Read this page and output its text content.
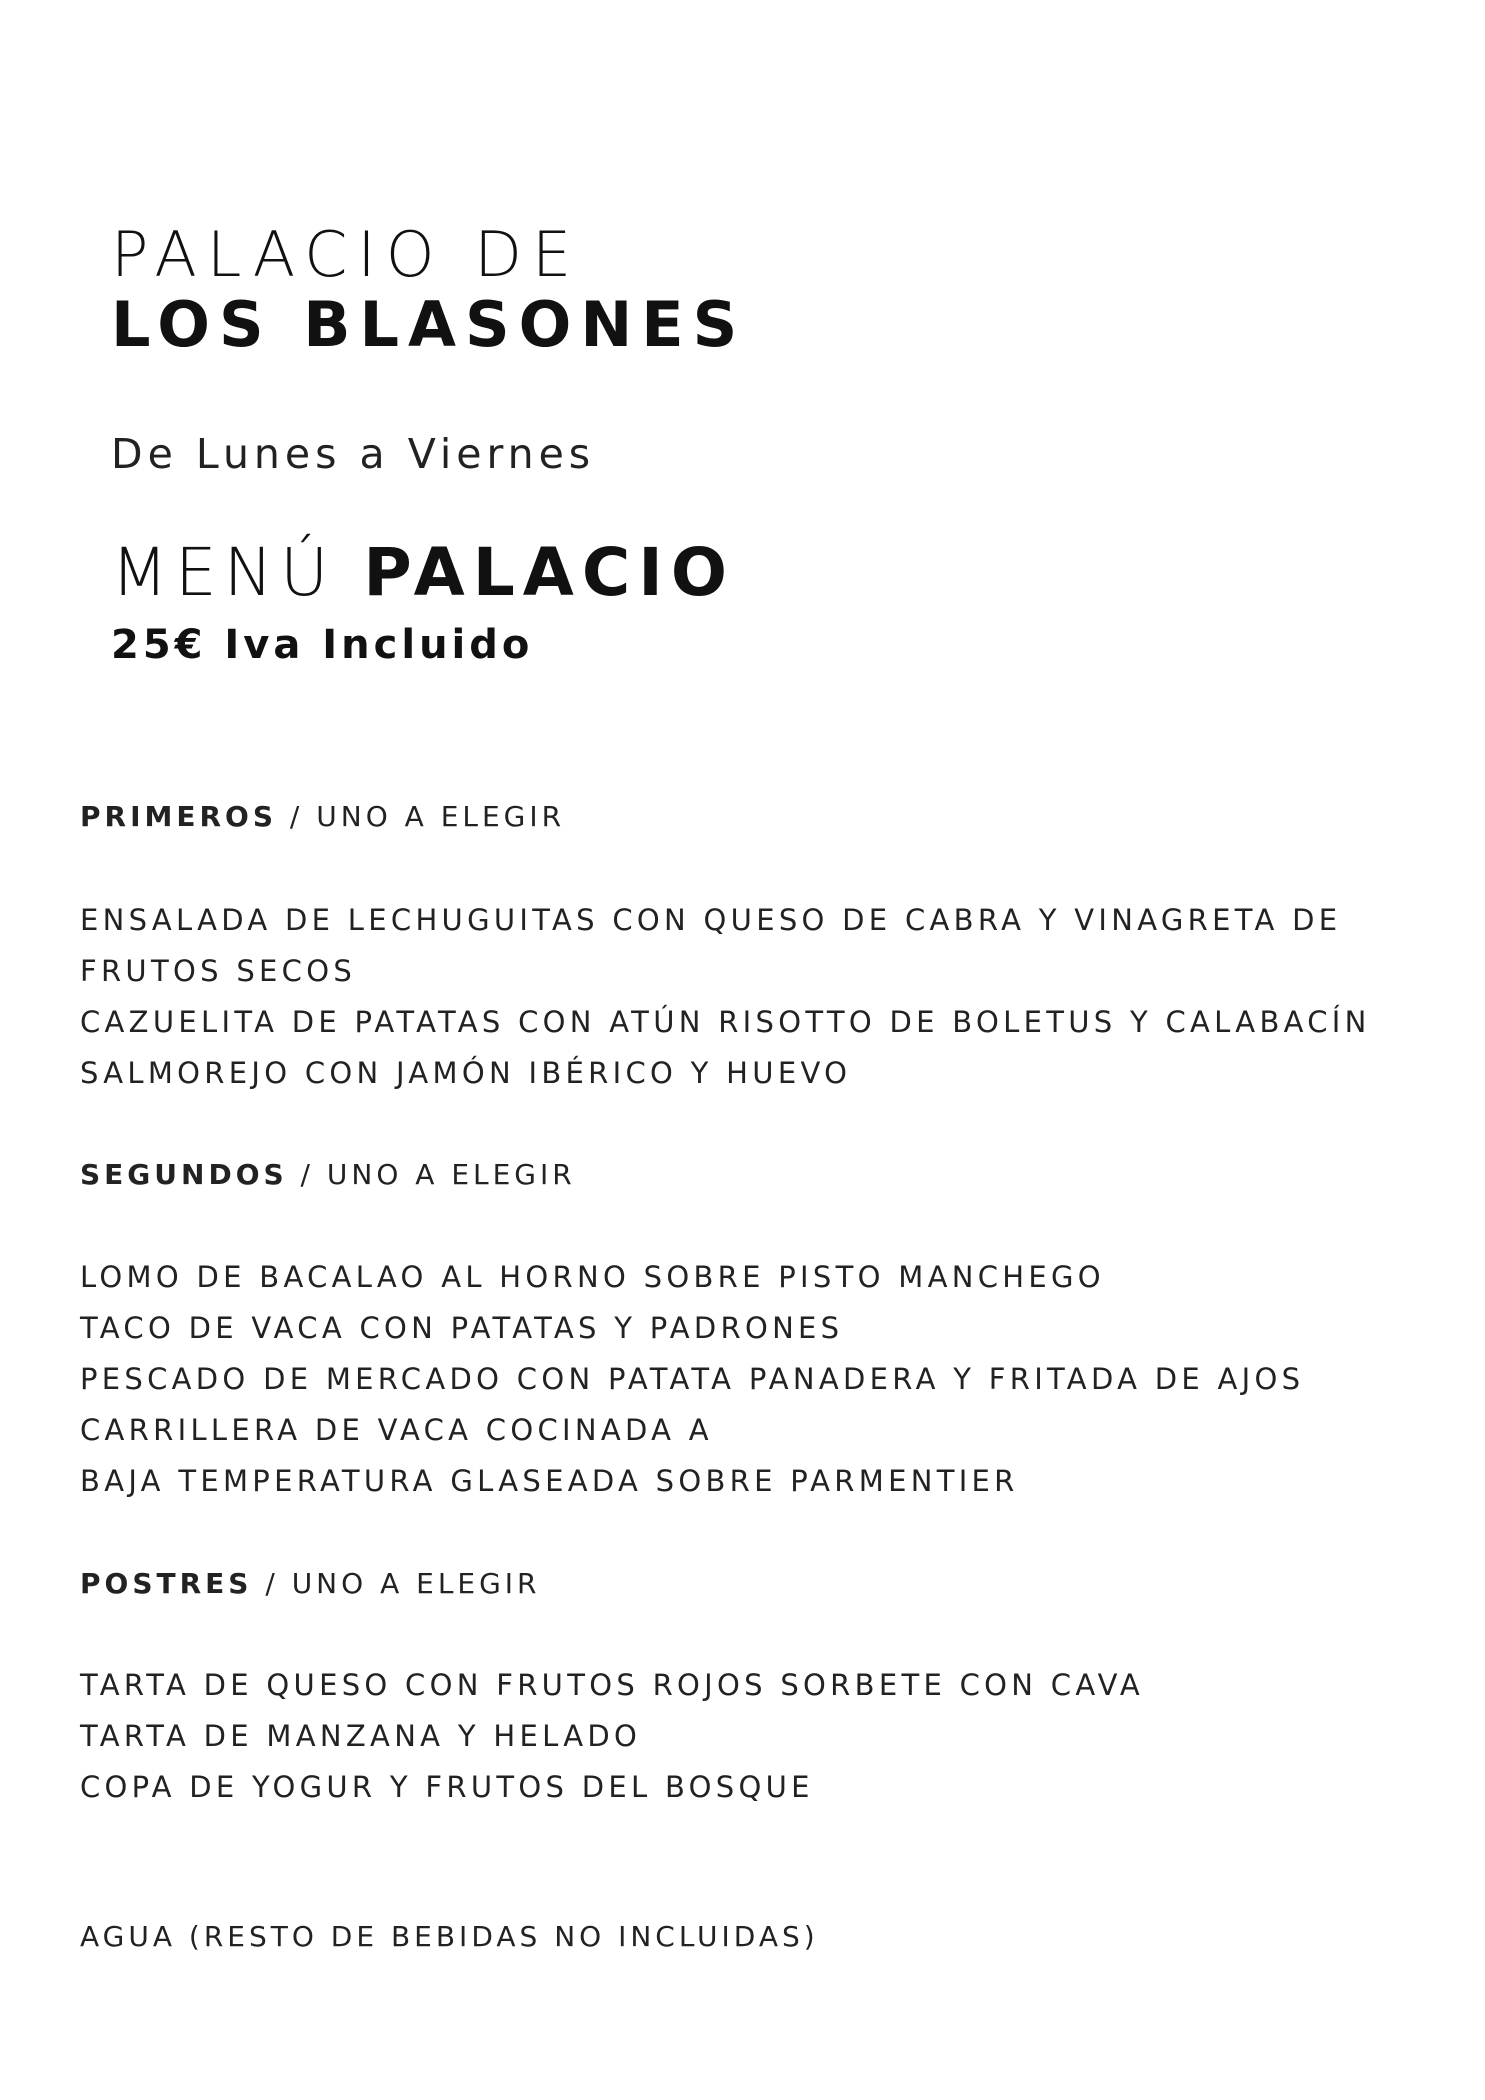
PALACIO DE
LOS BLASONES
De Lunes a Viernes
MENÚ PALACIO
25€ Iva Incluido
PRIMEROS / UNO A ELEGIR
ENSALADA DE LECHUGUITAS CON QUESO DE CABRA Y VINAGRETA DE
FRUTOS SECOS
CAZUELITA DE PATATAS CON ATÚN RISOTTO DE BOLETUS Y CALABACÍN
SALMOREJO CON JAMÓN IBÉRICO Y HUEVO
SEGUNDOS / UNO A ELEGIR
LOMO DE BACALAO AL HORNO SOBRE PISTO MANCHEGO
TACO DE VACA CON PATATAS Y PADRONES
PESCADO DE MERCADO CON PATATA PANADERA Y FRITADA DE AJOS
CARRILLERA DE VACA COCINADA A
BAJA TEMPERATURA GLASEADA SOBRE PARMENTIER
POSTRES / UNO A ELEGIR
TARTA DE QUESO CON FRUTOS ROJOS SORBETE CON CAVA
TARTA DE MANZANA Y HELADO
COPA DE YOGUR Y FRUTOS DEL BOSQUE
AGUA (RESTO DE BEBIDAS NO INCLUIDAS)
